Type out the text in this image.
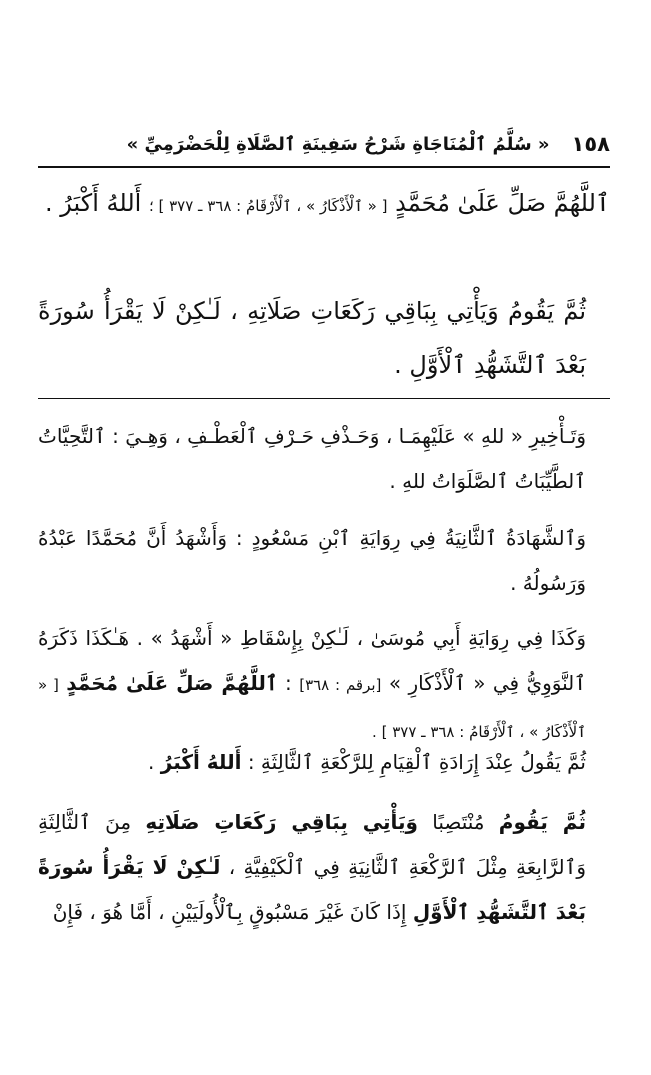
١٥٨
« سُلَّمُ ٱلْمُنَاجَاةِ شَرْحُ سَفِينَةِ ٱلصَّلَاةِ لِلْحَضْرَمِيِّ »
ٱللَّهُمَّ صَلِّ عَلَىٰ مُحَمَّدٍ [ « ٱلْأَذْكَارُ » ، ٱلْأَرْقَامُ : ٣٦٨ ـ ٣٧٧ ] ؛ أَللهُ أَكْبَرُ .
ثُمَّ يَقُومُ وَيَأْتِي بِبَاقِي رَكَعَاتِ صَلَاتِهِ ، لَـٰكِنْ لَا يَقْرَأُ سُورَةً بَعْدَ ٱلتَّشَهُّدِ ٱلْأَوَّلِ .
وَتَـأْخِيرِ « للهِ » عَلَيْهِمَـا ، وَحَـذْفِ حَـرْفِ ٱلْعَطْـفِ ، وَهِـيَ : ٱلتَّحِيَّاتُ ٱلطَّيِّبَاتُ ٱلصَّلَوَاتُ للهِ .
وَٱلشَّهَادَةُ ٱلثَّانِيَةُ فِي رِوَايَةِ ٱبْنِ مَسْعُودٍ : وَأَشْهَدُ أَنَّ مُحَمَّدًا عَبْدُهُ وَرَسُولُهُ .
وَكَذَا فِي رِوَايَةِ أَبِي مُوسَىٰ ، لَـٰكِنْ بِإِسْقَاطِ « أَشْهَدُ » . هَـٰكَذَا ذَكَرَهُ ٱلنَّوَوِيُّ فِي « ٱلْأَذْكَارِ » [برقم : ٣٦٨] : ٱللَّهُمَّ صَلِّ عَلَىٰ مُحَمَّدٍ [ « ٱلْأَذْكَارُ » ، ٱلْأَرْقَامُ : ٣٦٨ ـ ٣٧٧ ] .
ثُمَّ يَقُولُ عِنْدَ إِرَادَةِ ٱلْقِيَامِ لِلرَّكْعَةِ ٱلثَّالِثَةِ : أَللهُ أَكْبَرُ .
ثُمَّ يَقُومُ مُنْتَصِبًا وَيَأْتِي بِبَاقِي رَكَعَاتِ صَلَاتِهِ مِنَ ٱلثَّالِثَةِ وَٱلرَّابِعَةِ مِثْلَ ٱلرَّكْعَةِ ٱلثَّانِيَةِ فِي ٱلْكَيْفِيَّةِ ، لَـٰكِنْ لَا يَقْرَأُ سُورَةً بَعْدَ ٱلتَّشَهُّدِ ٱلْأَوَّلِ إِذَا كَانَ غَيْرَ مَسْبُوقٍ بِٱلْأُولَيَيْنِ ، أَمَّا هُوَ ، فَإِنْ
